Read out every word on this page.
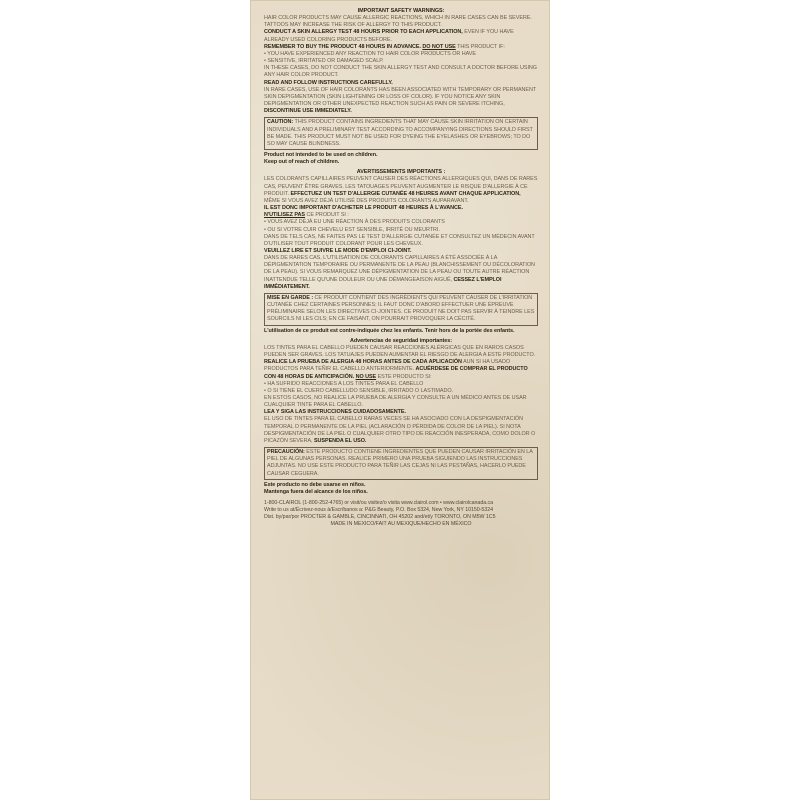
IMPORTANT SAFETY WARNINGS:

HAIR COLOR PRODUCTS MAY CAUSE ALLERGIC REACTIONS, WHICH IN RARE CASES CAN BE SEVERE. TATTOOS MAY INCREASE THE RISK OF ALLERGY TO THIS PRODUCT.

CONDUCT A SKIN ALLERGY TEST 48 HOURS PRIOR TO EACH APPLICATION, EVEN IF YOU HAVE ALREADY USED COLORING PRODUCTS BEFORE.

REMEMBER TO BUY THE PRODUCT 48 HOURS IN ADVANCE. DO NOT USE THIS PRODUCT IF:

• YOU HAVE EXPERIENCED ANY REACTION TO HAIR COLOR PRODUCTS OR HAVE

• SENSITIVE, IRRITATED OR DAMAGED SCALP.

IN THESE CASES, DO NOT CONDUCT THE SKIN ALLERGY TEST AND CONSULT A DOCTOR BEFORE USING ANY HAIR COLOR PRODUCT.

READ AND FOLLOW INSTRUCTIONS CAREFULLY.

IN RARE CASES, USE OF HAIR COLORANTS HAS BEEN ASSOCIATED WITH TEMPORARY OR PERMANENT SKIN DEPIGMENTATION (SKIN LIGHTENING OR LOSS OF COLOR). IF YOU NOTICE ANY SKIN DEPIGMENTATION OR OTHER UNEXPECTED REACTION SUCH AS PAIN OR SEVERE ITCHING, DISCONTINUE USE IMMEDIATELY.

CAUTION: THIS PRODUCT CONTAINS INGREDIENTS THAT MAY CAUSE SKIN IRRITATION ON CERTAIN INDIVIDUALS AND A PRELIMINARY TEST ACCORDING TO ACCOMPANYING DIRECTIONS SHOULD FIRST BE MADE. THIS PRODUCT MUST NOT BE USED FOR DYEING THE EYELASHES OR EYEBROWS; TO DO SO MAY CAUSE BLINDNESS.

Product not intended to be used on children.

Keep out of reach of children.

AVERTISSEMENTS IMPORTANTS :

LES COLORANTS CAPILLAIRES PEUVENT CAUSER DES RÉACTIONS ALLERGIQUES QUI, DANS DE RARES CAS, PEUVENT ÊTRE GRAVES. LES TATOUAGES PEUVENT AUGMENTER LE RISQUE D'ALLERGIE À CE PRODUIT. EFFECTUEZ UN TEST D'ALLERGIE CUTANÉE 48 HEURES AVANT CHAQUE APPLICATION, MÊME SI VOUS AVEZ DÉJÀ UTILISÉ DES PRODUITS COLORANTS AUPARAVANT.

IL EST DONC IMPORTANT D'ACHETER LE PRODUIT 48 HEURES À L'AVANCE.

N'UTILISEZ PAS CE PRODUIT SI :

• VOUS AVEZ DÉJÀ EU UNE RÉACTION À DES PRODUITS COLORANTS

• OU SI VOTRE CUIR CHEVELU EST SENSIBLE, IRRITÉ OU MEURTRI.

DANS DE TELS CAS, NE FAITES PAS LE TEST D'ALLERGIE CUTANÉE ET CONSULTEZ UN MÉDECIN AVANT D'UTILISER TOUT PRODUIT COLORANT POUR LES CHEVEUX.

VEUILLEZ LIRE ET SUIVRE LE MODE D'EMPLOI CI-JOINT.

DANS DE RARES CAS, L'UTILISATION DE COLORANTS CAPILLAIRES A ÉTÉ ASSOCIÉE À LA DÉPIGMENTATION TEMPORAIRE OU PERMANENTE DE LA PEAU (BLANCHISSEMENT OU DÉCOLORATION DE LA PEAU). SI VOUS REMARQUEZ UNE DÉPIGMENTATION DE LA PEAU OU TOUTE AUTRE RÉACTION INATTENDUE TELLE QU'UNE DOULEUR OU UNE DÉMANGEAISON AIGUË, CESSEZ L'EMPLOI IMMÉDIATEMENT.

MISE EN GARDE : CE PRODUIT CONTIENT DES INGRÉDIENTS QUI PEUVENT CAUSER DE L'IRRITATION CUTANÉE CHEZ CERTAINES PERSONNES; IL FAUT DONC D'ABORD EFFECTUER UNE ÉPREUVE PRÉLIMINAIRE SELON LES DIRECTIVES CI-JOINTES. CE PRODUIT NE DOIT PAS SERVIR À TEINDRE LES SOURCILS NI LES CILS; EN CE FAISANT, ON POURRAIT PROVOQUER LA CÉCITÉ.

L'utilisation de ce produit est contre-indiquée chez les enfants. Tenir hors de la portée des enfants.

Advertencias de seguridad importantes:

LOS TINTES PARA EL CABELLO PUEDEN CAUSAR REACCIONES ALÉRGICAS QUE EN RAROS CASOS PUEDEN SER GRAVES. LOS TATUAJES PUEDEN AUMENTAR EL RIESGO DE ALERGIA A ESTE PRODUCTO. REALICE LA PRUEBA DE ALERGIA 48 HORAS ANTES DE CADA APLICACIÓN AUN SI HA USADO PRODUCTOS PARA TEÑIR EL CABELLO ANTERIORMENTE. ACUÉRDESE DE COMPRAR EL PRODUCTO CON 48 HORAS DE ANTICIPACIÓN. NO USE ESTE PRODUCTO SI:

• HA SUFRIDO REACCIONES A LOS TINTES PARA EL CABELLO

• O SI TIENE EL CUERO CABELLUDO SENSIBLE, IRRITADO O LASTIMADO.

EN ESTOS CASOS, NO REALICE LA PRUEBA DE ALERGIA Y CONSULTE A UN MÉDICO ANTES DE USAR CUALQUIER TINTE PARA EL CABELLO.

LEA Y SIGA LAS INSTRUCCIONES CUIDADOSAMENTE.

EL USO DE TINTES PARA EL CABELLO RARAS VECES SE HA ASOCIADO CON LA DESPIGMENTACIÓN TEMPORAL O PERMANENTE DE LA PIEL (ACLARACIÓN O PÉRDIDA DE COLOR DE LA PIEL). SI NOTA DESPIGMENTACIÓN DE LA PIEL O CUALQUIER OTRO TIPO DE REACCIÓN INESPERADA, COMO DOLOR O PICAZÓN SEVERA, SUSPENDA EL USO.

PRECAUCIÓN: ESTE PRODUCTO CONTIENE INGREDIENTES QUE PUEDEN CAUSAR IRRITACIÓN EN LA PIEL DE ALGUNAS PERSONAS. REALICE PRIMERO UNA PRUEBA SIGUIENDO LAS INSTRUCCIONES ADJUNTAS. NO USE ESTE PRODUCTO PARA TEÑIR LAS CEJAS NI LAS PESTAÑAS, HACERLO PUEDE CAUSAR CEGUERA.

Este producto no debe usarse en niños.

Mantenga fuera del alcance de los niños.

1-800-CLAIROL (1-800-252-4765) or visit/ou visitez/o visita www.clairol.com • www.clairolcanada.ca

Write to us at/Écrivez-nous à/Escríbanos a: P&G Beauty, P.O. Box 5324, New York, NY 10150-5324

Dist. by/par/por PROCTER & GAMBLE, CINCINNATI, OH 45202 and/et/y TORONTO, ON M5W 1C5

MADE IN MEXICO/FAIT AU MEXIQUE/HECHO EN MÉXICO
